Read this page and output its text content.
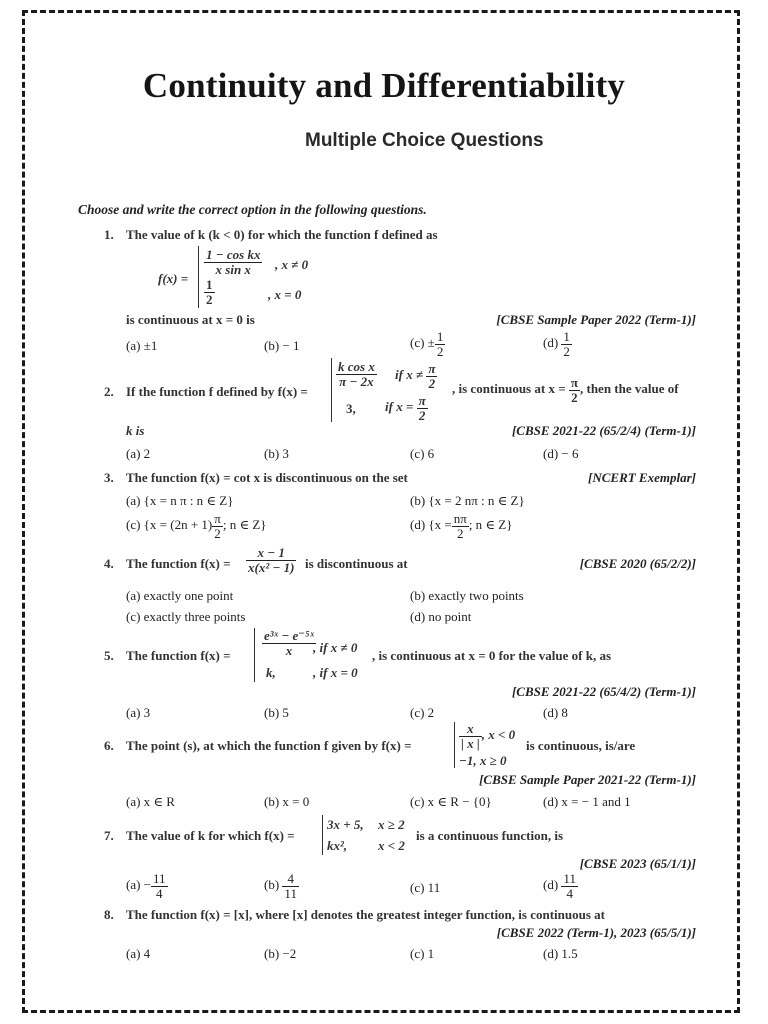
Continuity and Differentiability
Multiple Choice Questions
Choose and write the correct option in the following questions.
1. The value of k (k < 0) for which the function f defined as
f(x) =
$\frac{\text{1 − cos kx}}{\text{x sin x}}$ , x ≠ 0
$\frac{1}{2}$	, x = 0
is continuous at x = 0 is	[CBSE Sample Paper 2022 (Term-1)]
(a) ±1	(b) − 1	$(c) \pm \frac{1}{2}$	$(d) \frac{1}{2}$
2. If the function f defined by f(x) =
$\frac{\text{k cos x}}{\pi - 2x}$ if $x \ne \frac{\pi}{2}$
3, if $x = \frac{\pi}{2}$
, is continuous at $x = \frac{\pi}{2}$ , then the value of
k is	[CBSE 2021-22 (65/2/4) (Term-1)]
(a) 2	(b) 3	(c) 6	(d) − 6
3. The function f(x) = cot x is discontinuous on the set	[NCERT Exemplar]
(a) {x = n π : n ∈ Z}	(b) {x = 2 nπ : n ∈ Z}
(c) {$x = (2n + 1) \frac{\pi}{2}$ ; n ∈ Z}	(d) {$x = \frac{n\pi}{2}$ ; n ∈ Z}
4. The function $f(x) = \frac{x - 1}{\text{x(x² − 1)}}$ is discontinuous at	[CBSE 2020 (65/2/2)]
(a) exactly one point	(b) exactly two points
(c) exactly three points	(d) no point
5. The function $f(x) = \frac{\text{e³ˣ − e⁻⁵ˣ}}{x}$
, if x ≠ 0
k,	, if x = 0
, is continuous at x = 0 for the value of k, as
[CBSE 2021-22 (65/4/2) (Term-1)]
(a) 3	(b) 5	(c) 2	(d) 8
6. The point (s), at which the function f given by f(x) =	$\frac{x}{| x |}$ , x < 0
−1, x ≥ 0
is continuous, is/are
[CBSE Sample Paper 2021-22 (Term-1)]
(a) x ∈ R	(b) x = 0	(c) x ∈ R − {0}	(d) x = − 1 and 1
7. The value of k for which f(x) =
3x + 5, x ≥ 2
kx², x < 2
is a continuous function, is
[CBSE 2023 (65/1/1)]
$(a) - \frac{11}{4}$	$(b) \frac{4}{11}$	(c) 11	$(d) \frac{11}{4}$
8. The function f(x) = [x], where [x] denotes the greatest integer function, is continuous at
[CBSE 2022 (Term-1), 2023 (65/5/1)]
(a) 4	(b) −2	(c) 1	(d) 1.5
